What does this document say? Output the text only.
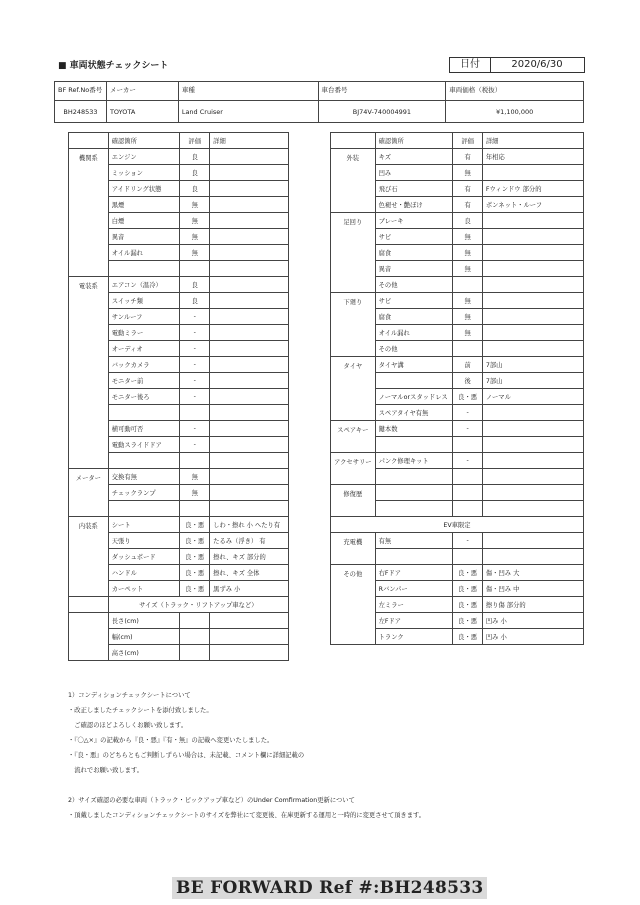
■ 車両状態チェックシート	日付	2020/6/30
BF Ref.No番号	メーカー	車種	車台番号	車両価格（税抜）
BH248533	TOYOTA	Land Cruiser	BJ74V-740004991	¥1,100,000
	確認箇所	評価	詳細
機関系	エンジン	良	
	ミッション	良	
	アイドリング状態	良	
	黒煙	無	
	白煙	無	
	異音	無	
	オイル漏れ	無	

電装系	エアコン（温冷）	良	
	スイッチ類	良	
	サンルーフ	-	
	電動ミラー	-	
	オーディオ	-	
	バックカメラ	-	
	モニター前	-	
	モニター後ろ	-	

	横可動可否	-	
	電動スライドドア	-	

メーター	交換有無	無	
	チェックランプ	無	

内装系	シート	良・悪	しわ・擦れ 小 へたり有
	天張り	良・悪	たるみ（浮き） 有
	ダッシュボード	良・悪	擦れ、キズ 部分的
	ハンドル	良・悪	擦れ、キズ 全体
	カーペット	良・悪	黒ずみ 小
	サイズ（トラック・リフトアップ車など）		
	長さ(cm)		
	幅(cm)		
	高さ(cm)		
	確認箇所	評価	詳細
外装	キズ	有	年相応
	凹み	無	
	飛び石	有	Fウィンドウ 部分的
	色褪せ・艶ぼけ	有	ボンネット・ルーフ
足回り	ブレーキ	良	
	サビ	無	
	腐食	無	
	異音	無	
	その他		
下廻り	サビ	無	
	腐食	無	
	オイル漏れ	無	
	その他		
タイヤ	タイヤ溝	前	7部山
		後	7部山
	ノーマルorスタッドレス	良・悪	ノーマル
	スペアタイヤ有無	-	
スペアキー	鍵本数	-	

アクセサリー	パンク修理キット	-	

修復歴			

EV車限定			
充電機	有無	-	

その他	右Fドア	良・悪	傷・凹み 大
	Rバンパー	良・悪	傷・凹み 中
	左ミラー	良・悪	擦り傷 部分的
	左Fドア	良・悪	凹み 小
	トランク	良・悪	凹み 小
1）コンディションチェックシートについて
・改正しましたチェックシートを添付致しました。
　ご確認のほどよろしくお願い致します。
・『〇△×』の記載から『良・悪』『有・無』の記載へ変更いたしました。
・『良・悪』のどちらともご判断しずらい場合は、未記載、コメント欄に詳細記載の
　流れでお願い致します。
2）サイズ確認の必要な車両（トラック・ピックアップ車など）のUnder Comfirmation更新について
・頂戴しましたコンディションチェックシートのサイズを弊社にて変更後、在庫更新する運用と一時的に変更させて頂きます。
BE FORWARD Ref #:BH248533
